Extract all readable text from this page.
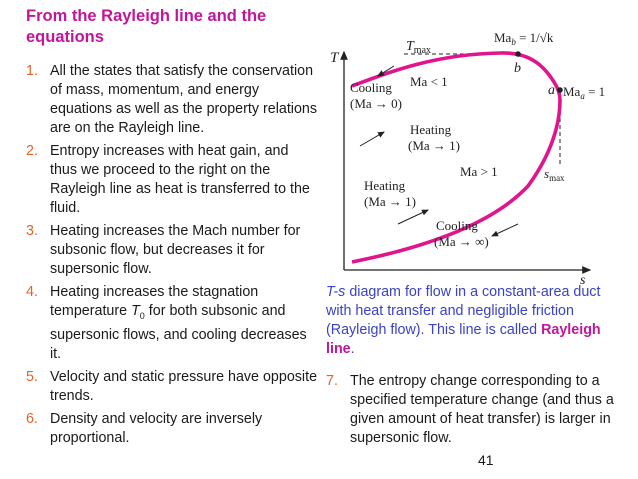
From the Rayleigh line and the equations
1. All the states that satisfy the conservation of mass, momentum, and energy equations as well as the property relations are on the Rayleigh line.
2. Entropy increases with heat gain, and thus we proceed to the right on the Rayleigh line as heat is transferred to the fluid.
3. Heating increases the Mach number for subsonic flow, but decreases it for supersonic flow.
4. Heating increases the stagnation temperature $T_0$ for both subsonic and supersonic flows, and cooling decreases it.
5. Velocity and static pressure have opposite trends.
6. Density and velocity are inversely proportional.
T
s
$T_{max}$
$Ma_b = 1/√k$
b
a $Ma_a = 1$
$s_{max}$
Ma < 1
Ma > 1
Cooling
(Ma → 0)
Heating
(Ma → 1)
Heating
(Ma → 1)
Cooling
(Ma → ∞)
T-s diagram for flow in a constant-area duct with heat transfer and negligible friction (Rayleigh flow). This line is called Rayleigh line.
7. The entropy change corresponding to a specified temperature change (and thus a given amount of heat transfer) is larger in supersonic flow.
41
